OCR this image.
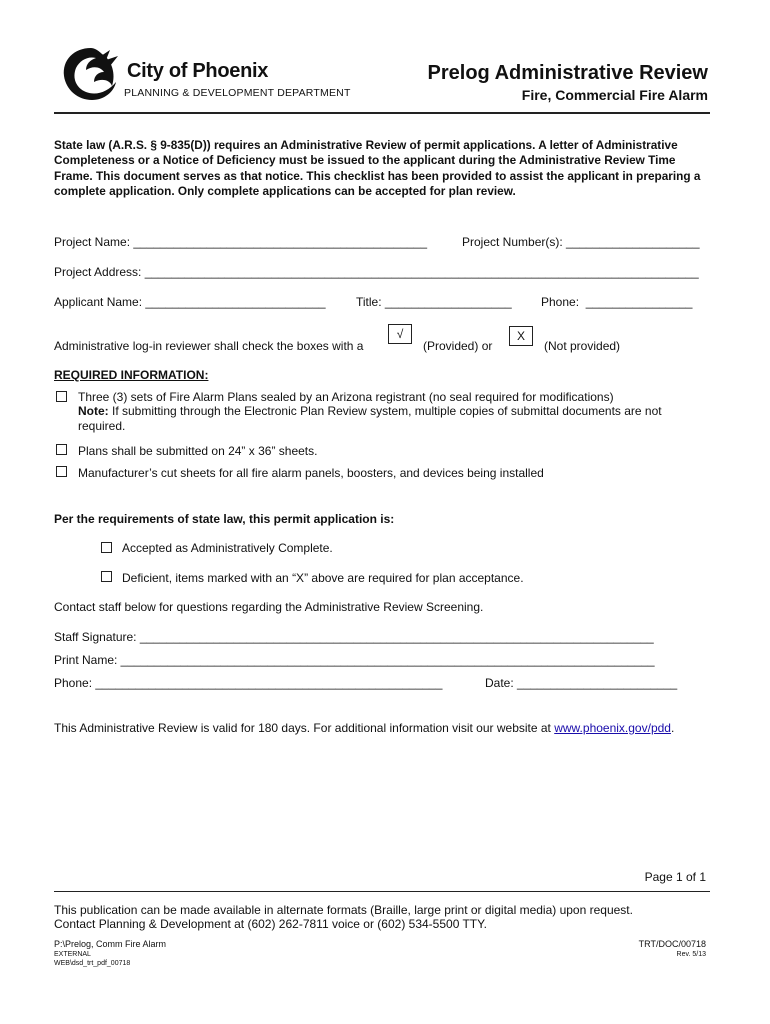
City of Phoenix
PLANNING & DEVELOPMENT DEPARTMENT
Prelog Administrative Review
Fire, Commercial Fire Alarm
State law (A.R.S. § 9-835(D)) requires an Administrative Review of permit applications. A letter of Administrative Completeness or a Notice of Deficiency must be issued to the applicant during the Administrative Review Time Frame. This document serves as that notice. This checklist has been provided to assist the applicant in preparing a complete application. Only complete applications can be accepted for plan review.
Project Name: ____________________________________________	Project Number(s): ____________________
Project Address: ___________________________________________________________________________________
Applicant Name: ___________________________	Title: ___________________ Phone:  ________________
Administrative log-in reviewer shall check the boxes with a
√
(Provided) or
X
(Not provided)
REQUIRED INFORMATION:
Three (3) sets of Fire Alarm Plans sealed by an Arizona registrant (no seal required for modifications)
Note: If submitting through the Electronic Plan Review system, multiple copies of submittal documents are not required.
Plans shall be submitted on 24” x 36” sheets.
Manufacturer’s cut sheets for all fire alarm panels, boosters, and devices being installed
Per the requirements of state law, this permit application is:
Accepted as Administratively Complete.
Deficient, items marked with an “X” above are required for plan acceptance.
Contact staff below for questions regarding the Administrative Review Screening.
Staff Signature: _____________________________________________________________________________
Print Name: ________________________________________________________________________________
Phone: ____________________________________________________	Date: ________________________
This Administrative Review is valid for 180 days. For additional information visit our website at www.phoenix.gov/pdd.
Page 1 of 1
This publication can be made available in alternate formats (Braille, large print or digital media) upon request.
Contact Planning & Development at (602) 262-7811 voice or (602) 534-5500 TTY.
P:\Prelog, Comm Fire Alarm
EXTERNAL
WEB\dsd_trt_pdf_00718
TRT/DOC/00718
Rev. 5/13
